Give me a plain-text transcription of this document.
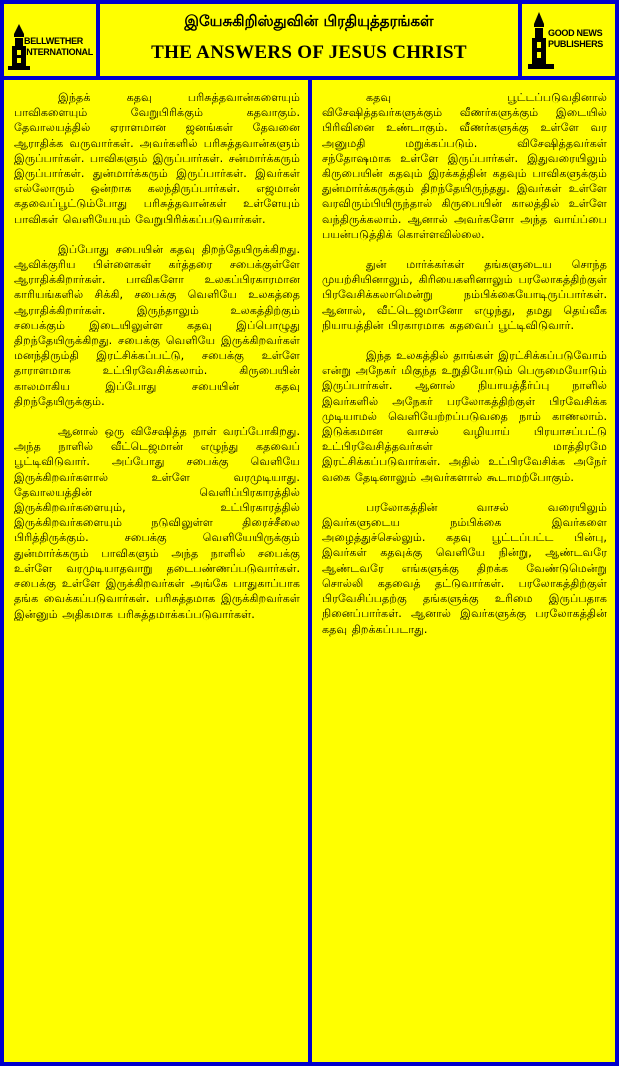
BELLWETHER
INTERNATIONAL
இயேசுகிறிஸ்துவின் பிரதியுத்தரங்கள்
THE ANSWERS OF JESUS CHRIST
GOOD NEWS
PUBLISHERS

இந்தக் கதவு பரிசுத்தவான்களையும் பாவிகளையும் வேறுபிரிக்கும் கதவாகும். தேவாலயத்தில் ஏராளமான ஜனங்கள் தேவனை ஆராதிக்க வருவார்கள். அவர்களில் பரிசுத்தவான்களும் இருப்பார்கள். பாவிகளும் இருப்பார்கள். சன்மார்க்கரும் இருப்பார்கள். துன்மார்க்கரும் இருப்பார்கள். இவர்கள் எல்லோரும் ஒன்றாக கலந்திருப்பார்கள். எஜமான் கதவைப்பூட்டும்போது பரிசுத்தவான்கள் உள்ளேயும் பாவிகள் வெளியேயும் வேறுபிரிக்கப்படுவார்கள்.

இப்போது சபையின் கதவு திறந்தேயிருக்கிறது. ஆவிக்குரிய பிள்ளைகள் கர்த்தரை சபைக்குள்ளே ஆராதிக்கிறார்கள். பாவிகளோ உலகப்பிரகாரமான காரியங்களில் சிக்கி, சபைக்கு வெளியே உலகத்தை ஆராதிக்கிறார்கள். இருந்தாலும் உலகத்திற்கும் சபைக்கும் இடையிலுள்ள கதவு இப்பொழுது திறந்தேயிருக்கிறது. சபைக்கு வெளியே இருக்கிறவர்கள் மனந்திரும்தி இரட்சிக்கப்பட்டு, சபைக்கு உள்ளே தாராளமாக உட்பிரவேசிக்கலாம். கிருபையின் காலமாகிய இப்போது சபையின் கதவு திறந்தேயிருக்கும்.

ஆனால் ஒரு விசேஷித்த நாள் வரப்போகிறது. அந்த நாளில் வீட்டெஜமான் எழுந்து கதவைப் பூட்டிவிடுவார். அப்போது சபைக்கு வெளியே இருக்கிறவர்களால் உள்ளே வரமுடியாது. தேவாலயத்தின் வெளிப்பிரகாரத்தில் இருக்கிறவர்களையும், உட்பிரகாரத்தில் இருக்கிறவர்களையும் நடுவிலுள்ள திரைச்சீலை பிரித்திருக்கும். சபைக்கு வெளியேயிருக்கும் துன்மார்க்கரும் பாவிகளும் அந்த நாளில் சபைக்கு உள்ளே வரமுடியாதவாறு தடைபண்ணப்படுவார்கள். சபைக்கு உள்ளே இருக்கிறவர்கள் அங்கே பாதுகாப்பாக தங்க வைக்கப்படுவார்கள். பரிசுத்தமாக இருக்கிறவர்கள் இன்னும் அதிகமாக பரிசுத்தமாக்கப்படுவார்கள்.

கதவு பூட்டப்படுவதினால் விசேஷித்தவர்களுக்கும் வீணர்களுக்கும் இடையில் பிரிவினை உண்டாகும். வீணர்களுக்கு உள்ளே வர அனுமதி மறுக்கப்படும். விசேஷித்தவர்கள் சந்தோஷமாக உள்ளே இருப்பார்கள். இதுவரையிலும் கிருபையின் கதவும் இரக்கத்தின் கதவும் பாவிகளுக்கும் துன்மார்க்கருக்கும் திறந்தேயிருந்தது. இவர்கள் உள்ளே வரவிரும்பியிருந்தால் கிருபையின் காலத்தில் உள்ளே வந்திருக்கலாம். ஆனால் அவர்களோ அந்த வாய்ப்பை பயன்படுத்திக் கொள்ளவில்லை.

துன் மார்க்கர்கள் தங்களுடைய சொந்த முயற்சியினாலும், கிரியைகளினாலும் பரலோகத்திற்குள் பிரவேசிக்கலாமென்று நம்பிக்கையோடிருப்பார்கள். ஆனால், வீட்டெஜமானோ எழுந்து, தமது தெய்வீக நியாயத்தின் பிரகாரமாக கதவைப் பூட்டிவிடுவார்.

இந்த உலகத்தில் தாங்கள் இரட்சிக்கப்படுவோம் என்று அநேகர் மிகுந்த உறுதியோடும் பெருமையோடும் இருப்பார்கள். ஆனால் நியாயத்தீர்ப்பு நாளில் இவர்களில் அநேகர் பரலோகத்திற்குள் பிரவேசிக்க முடியாமல் வெளியேற்றப்படுவதை நாம் காணலாம். இடுக்கமான வாசல் வழியாய் பிரயாசப்பட்டு உட்பிரவேசித்தவர்கள் மாத்திரமே இரட்சிக்கப்படுவார்கள். அதில் உட்பிரவேசிக்க அநேர் வகை தேடினாலும் அவர்களால் கூடாமற்போகும்.

பரலோகத்தின் வாசல் வரையிலும் இவர்களுடைய நம்பிக்கை இவர்களை அழைத்துச்செல்லும். கதவு பூட்டப்பட்ட பின்பு, இவர்கள் கதவுக்கு வெளியே நின்று, ஆண்டவரே ஆண்டவரே எங்களுக்கு திறக்க வேண்டுமென்று சொல்லி கதவைத் தட்டுவார்கள். பரலோகத்திற்குள் பிரவேசிப்பதற்கு தங்களுக்கு உரிமை இருப்பதாக நினைப்பார்கள். ஆனால் இவர்களுக்கு பரலோகத்தின் கதவு திறக்கப்படாது.
